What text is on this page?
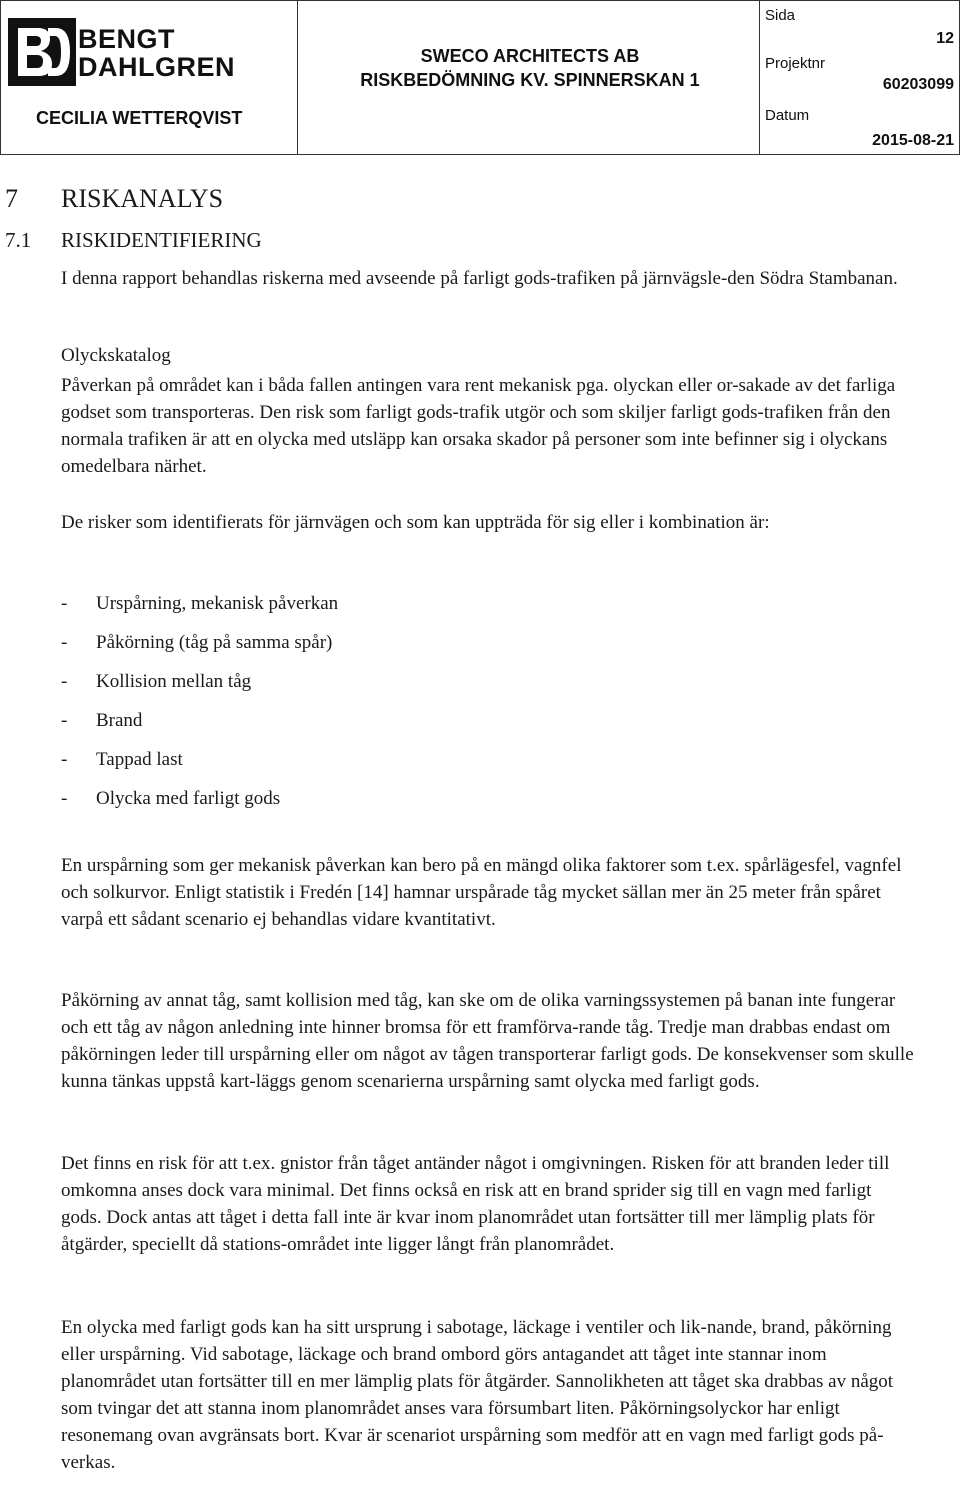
BENGT
DAHLGREN
CECILIA WETTERQVIST
SWECO ARCHITECTS AB
RISKBEDÖMNING KV. SPINNERSKAN 1
Sida
12
Projektnr
60203099
Datum
2015-08-21
7 RISKANALYS
7.1 RISKIDENTIFIERING

I denna rapport behandlas riskerna med avseende på farligt gods-trafiken på järnvägsle-den Södra Stambanan.

Olyckskatalog

Påverkan på området kan i båda fallen antingen vara rent mekanisk pga. olyckan eller or-sakade av det farliga godset som transporteras. Den risk som farligt gods-trafik utgör och som skiljer farligt gods-trafiken från den normala trafiken är att en olycka med utsläpp kan orsaka skador på personer som inte befinner sig i olyckans omedelbara närhet.

De risker som identifierats för järnvägen och som kan uppträda för sig eller i kombination är:

- Urspårning, mekanisk påverkan
- Påkörning (tåg på samma spår)
- Kollision mellan tåg
- Brand
- Tappad last
- Olycka med farligt gods

En urspårning som ger mekanisk påverkan kan bero på en mängd olika faktorer som t.ex. spårlägesfel, vagnfel och solkurvor. Enligt statistik i Fredén [14] hamnar urspårade tåg mycket sällan mer än 25 meter från spåret varpå ett sådant scenario ej behandlas vidare kvantitativt.

Påkörning av annat tåg, samt kollision med tåg, kan ske om de olika varningssystemen på banan inte fungerar och ett tåg av någon anledning inte hinner bromsa för ett framförva-rande tåg. Tredje man drabbas endast om påkörningen leder till urspårning eller om något av tågen transporterar farligt gods. De konsekvenser som skulle kunna tänkas uppstå kart-läggs genom scenarierna urspårning samt olycka med farligt gods.

Det finns en risk för att t.ex. gnistor från tåget antänder något i omgivningen. Risken för att branden leder till omkomna anses dock vara minimal. Det finns också en risk att en brand sprider sig till en vagn med farligt gods. Dock antas att tåget i detta fall inte är kvar inom planområdet utan fortsätter till mer lämplig plats för åtgärder, speciellt då stations-området inte ligger långt från planområdet.

En olycka med farligt gods kan ha sitt ursprung i sabotage, läckage i ventiler och lik-nande, brand, påkörning eller urspårning. Vid sabotage, läckage och brand ombord görs antagandet att tåget inte stannar inom planområdet utan fortsätter till en mer lämplig plats för åtgärder. Sannolikheten att tåget ska drabbas av något som tvingar det att stanna inom planområdet anses vara försumbart liten. Påkörningsolyckor har enligt resonemang ovan avgränsats bort. Kvar är scenariot urspårning som medför att en vagn med farligt gods på-verkas.
